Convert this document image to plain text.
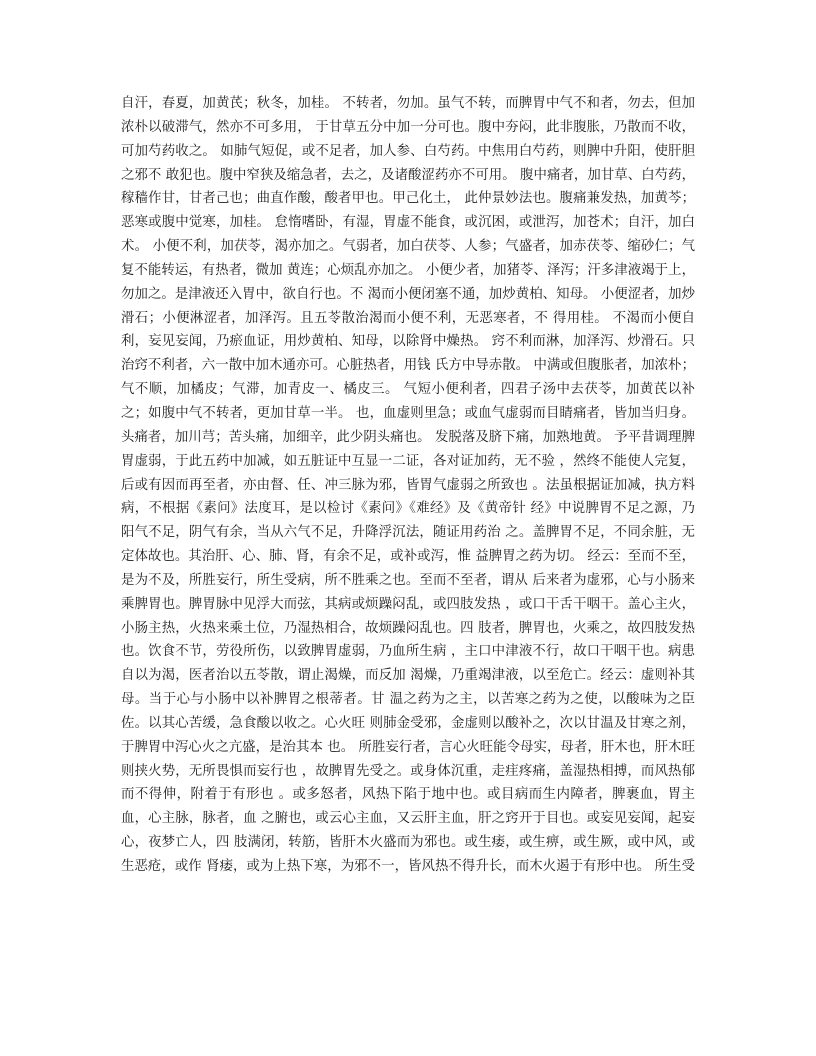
自汗，春夏，加黄芪；秋冬，加桂。 不转者，勿加。虽气不转，而脾胃中气不和者，勿去，但加
浓朴以破滞气，然亦不可多用， 于甘草五分中加一分可也。腹中夯闷，此非腹胀，乃散而不收，
可加芍药收之。 如肺气短促，或不足者，加人参、白芍药。中焦用白芍药，则脾中升阳，使肝胆
之邪不 敢犯也。腹中窄狭及缩急者，去之，及诸酸涩药亦不可用。 腹中痛者，加甘草、白芍药，
稼穑作甘，甘者己也；曲直作酸，酸者甲也。甲己化土， 此仲景妙法也。腹痛兼发热，加黄芩；
恶寒或腹中觉寒，加桂。 怠惰嗜卧，有湿，胃虚不能食，或沉困，或泄泻，加苍术；自汗，加白
术。 小便不利，加茯苓，渴亦加之。气弱者，加白茯苓、人参；气盛者，加赤茯苓、缩砂仁；气
复不能转运，有热者，微加 黄连；心烦乱亦加之。 小便少者，加猪苓、泽泻；汗多津液竭于上，
勿加之。是津液还入胃中，欲自行也。不 渴而小便闭塞不通，加炒黄柏、知母。 小便涩者，加炒
滑石；小便淋涩者，加泽泻。且五苓散治渴而小便不利，无恶寒者，不 得用桂。 不渴而小便自
利，妄见妄闻，乃瘀血证，用炒黄柏、知母，以除肾中燥热。 窍不利而淋，加泽泻、炒滑石。只
治窍不利者，六一散中加木通亦可。心脏热者，用钱 氏方中导赤散。 中满或但腹胀者，加浓朴；
气不顺，加橘皮；气滞，加青皮一、橘皮三。 气短小便利者，四君子汤中去茯苓，加黄芪以补
之；如腹中气不转者，更加甘草一半。 也，血虚则里急；或血气虚弱而目睛痛者，皆加当归身。
头痛者，加川芎；苦头痛，加细辛，此少阴头痛也。 发脱落及脐下痛，加熟地黄。 予平昔调理脾
胃虚弱，于此五药中加减，如五脏证中互显一二证，各对证加药，无不验 ，然终不能使人完复，
后或有因而再至者，亦由督、任、冲三脉为邪，皆胃气虚弱之所致也 。法虽根据证加减，执方料
病，不根据《素问》法度耳，是以检讨《素问》《难经》及《黄帝针 经》中说脾胃不足之源，乃
阳气不足，阴气有余，当从六气不足，升降浮沉法，随证用药治 之。盖脾胃不足，不同余脏，无
定体故也。其治肝、心、肺、肾，有余不足，或补或泻，惟 益脾胃之药为切。 经云：至而不至，
是为不及，所胜妄行，所生受病，所不胜乘之也。至而不至者，谓从 后来者为虚邪，心与小肠来
乘脾胃也。脾胃脉中见浮大而弦，其病或烦躁闷乱，或四肢发热 ，或口干舌干咽干。盖心主火，
小肠主热，火热来乘土位，乃湿热相合，故烦躁闷乱也。四 肢者，脾胃也，火乘之，故四肢发热
也。饮食不节，劳役所伤，以致脾胃虚弱，乃血所生病 ，主口中津液不行，故口干咽干也。病患
自以为渴，医者治以五苓散，谓止渴燥，而反加 渴燥，乃重竭津液，以至危亡。经云：虚则补其
母。当于心与小肠中以补脾胃之根蒂者。甘 温之药为之主，以苦寒之药为之使，以酸味为之臣
佐。以其心苦缓，急食酸以收之。心火旺 则肺金受邪，金虚则以酸补之，次以甘温及甘寒之剂，
于脾胃中泻心火之亢盛，是治其本 也。 所胜妄行者，言心火旺能令母实，母者，肝木也，肝木旺
则挟火势，无所畏惧而妄行也 ，故脾胃先受之。或身体沉重，走疰疼痛，盖湿热相搏，而风热郁
而不得伸，附着于有形也 。或多怒者，风热下陷于地中也。或目病而生内障者，脾裹血，胃主
血，心主脉，脉者，血 之腑也，或云心主血，又云肝主血，肝之窍开于目也。或妄见妄闻，起妄
心，夜梦亡人，四 肢满闭，转筋，皆肝木火盛而为邪也。或生痿，或生痹，或生厥，或中风，或
生恶疮，或作 肾痿，或为上热下寒，为邪不一，皆风热不得升长，而木火遏于有形中也。 所生受
